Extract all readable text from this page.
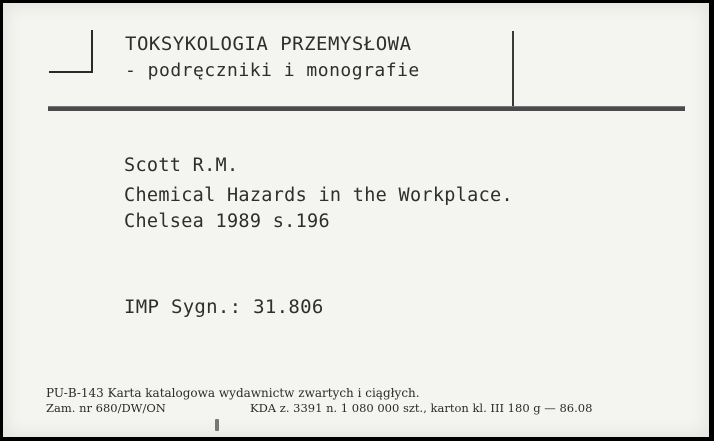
TOKSYKOLOGIA PRZEMYSŁOWA
- podręczniki i monografie
Scott R.M.
Chemical Hazards in the Workplace.
Chelsea 1989 s.196
IMP Sygn.: 31.806
PU-B-143 Karta katalogowa wydawnictw zwartych i ciągłych.
Zam. nr 680/DW/ON	KDA z. 3391 n. 1 080 000 szt., karton kl. III 180 g — 86.08
